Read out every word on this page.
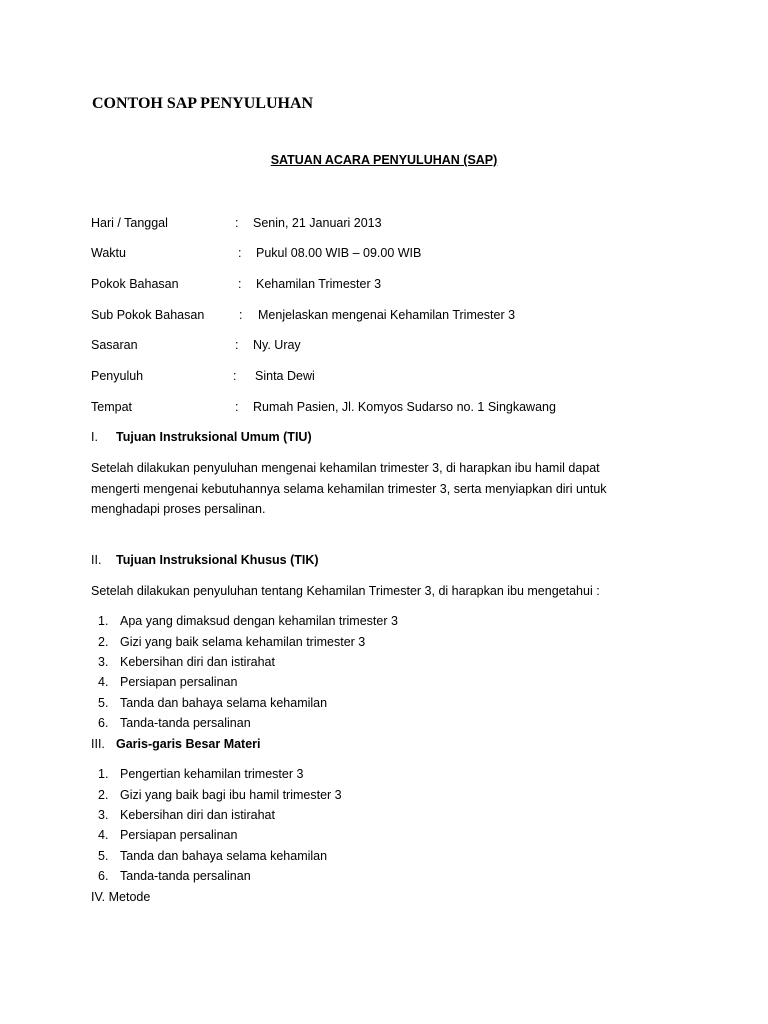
CONTOH SAP PENYULUHAN
SATUAN ACARA PENYULUHAN (SAP)
Hari / Tanggal	: Senin, 21 Januari 2013
Waktu	: Pukul 08.00 WIB – 09.00 WIB
Pokok Bahasan	: Kehamilan Trimester 3
Sub Pokok Bahasan	: Menjelaskan mengenai Kehamilan Trimester 3
Sasaran	: Ny. Uray
Penyuluh	: Sinta Dewi
Tempat	: Rumah Pasien, Jl. Komyos Sudarso no. 1 Singkawang
I. Tujuan Instruksional Umum (TIU)
Setelah dilakukan penyuluhan mengenai kehamilan trimester 3, di harapkan ibu hamil dapat
mengerti mengenai kebutuhannya selama kehamilan trimester 3, serta menyiapkan diri untuk
menghadapi proses persalinan.
II. Tujuan Instruksional Khusus (TIK)
Setelah dilakukan penyuluhan tentang Kehamilan Trimester 3, di harapkan ibu mengetahui :
1. Apa yang dimaksud dengan kehamilan trimester 3
2. Gizi yang baik selama kehamilan trimester 3
3. Kebersihan diri dan istirahat
4. Persiapan persalinan
5. Tanda dan bahaya selama kehamilan
6. Tanda-tanda persalinan
III. Garis-garis Besar Materi
1. Pengertian kehamilan trimester 3
2. Gizi yang baik bagi ibu hamil trimester 3
3. Kebersihan diri dan istirahat
4. Persiapan persalinan
5. Tanda dan bahaya selama kehamilan
6. Tanda-tanda persalinan
IV. Metode
